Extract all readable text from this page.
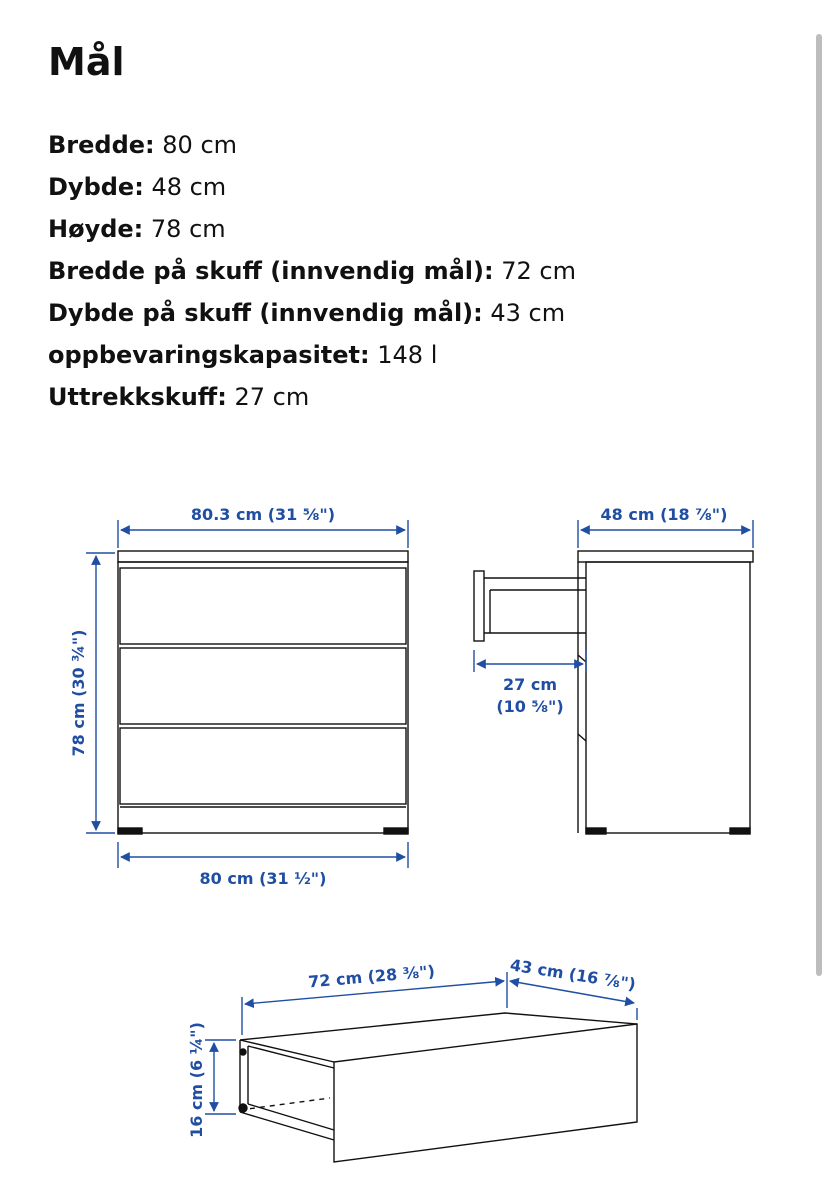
Mål
Bredde: 80 cm
Dybde: 48 cm
Høyde: 78 cm
Bredde på skuff (innvendig mål): 72 cm
Dybde på skuff (innvendig mål): 43 cm
oppbevaringskapasitet: 148 l
Uttrekkskuff: 27 cm
80.3 cm (31 ⅝")
80 cm (31 ½")
78 cm (30 ¾")
48 cm (18 ⅞")
27 cm
(10 ⅝")
72 cm (28 ⅜")	43 cm (16 ⅞")
16 cm (6 ¼")
